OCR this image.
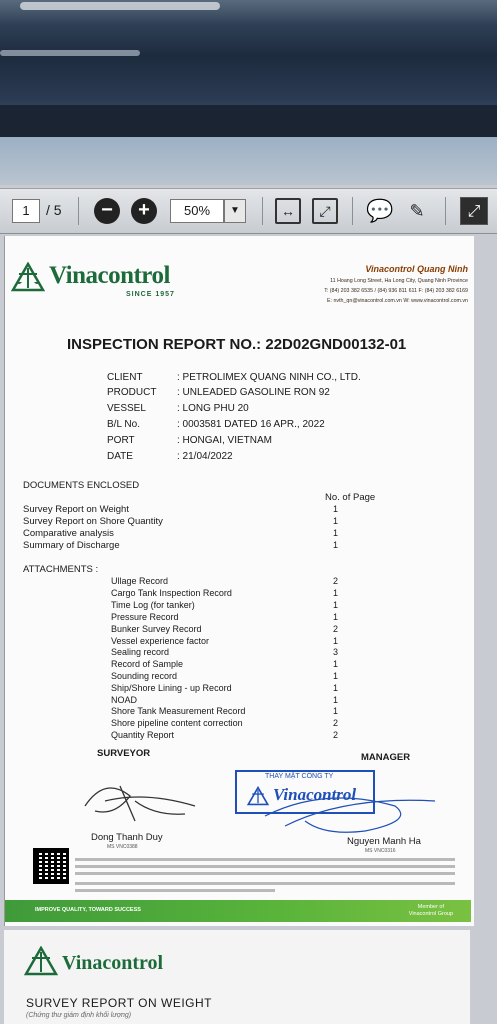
1	/ 5	−	+	50%	▼	↔	⤢	💬 ✎	⤢
Vinacontrol
SINCE 1957
Vinacontrol Quang Ninh
11 Hoang Long Street, Ha Long City, Quang Ninh Province
T: (84) 203 382 6535 / (84) 936 811 611 F: (84) 203 382 6169
E: nvth_qn@vinacontrol.com.vn W: www.vinacontrol.com.vn
INSPECTION REPORT NO.: 22D02GND00132-01
CLIENT	: PETROLIMEX QUANG NINH CO., LTD.
PRODUCT : UNLEADED GASOLINE RON 92
VESSEL	: LONG PHU 20
B/L No.	: 0003581 DATED 16 APR., 2022
PORT	: HONGAI, VIETNAM
DATE	: 21/04/2022
DOCUMENTS ENCLOSED
No. of Page
Survey Report on Weight	1
Survey Report on Shore Quantity	1
Comparative analysis	1
Summary of Discharge	1
ATTACHMENTS :
Ullage Record	2
Cargo Tank Inspection Record	1
Time Log (for tanker)	1
Pressure Record	1
Bunker Survey Record	2
Vessel experience factor	1
Sealing record	3
Record of Sample	1
Sounding record	1
Ship/Shore Lining - up Record	1
NOAD	1
Shore Tank Measurement Record	1
Shore pipeline content correction	2
Quantity Report	2
SURVEYOR	MANAGER
THAY MẶT CÔNG TY
Vinacontrol
Dong Thanh Duy
MS VNC0388	Nguyen Manh Ha
MS VNC0316
IMPROVE QUALITY, TOWARD SUCCESS	Member of
Vinacontrol Group
Vinacontrol
SURVEY REPORT ON WEIGHT
(Chứng thư giám định khối lượng)
